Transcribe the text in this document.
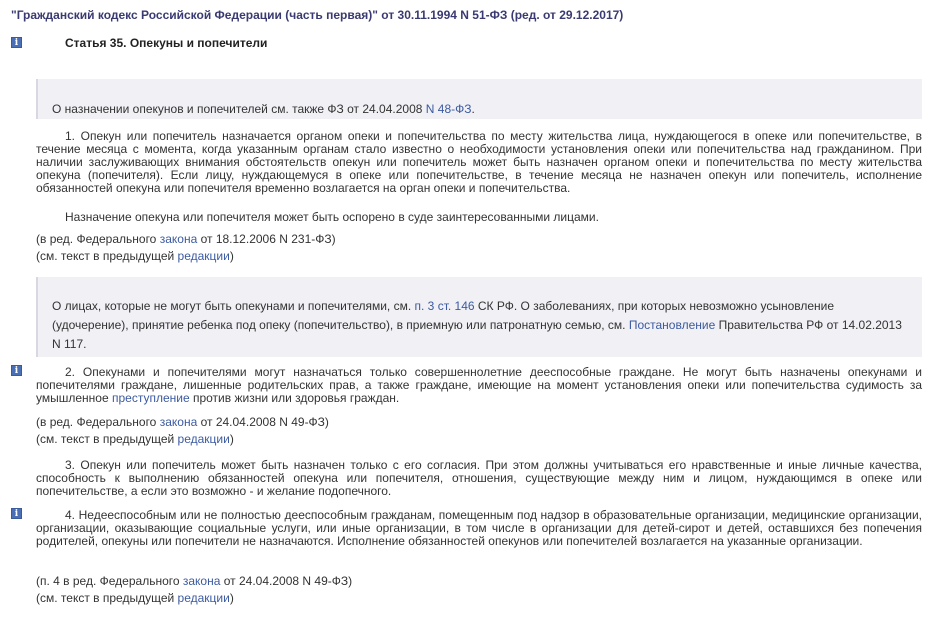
"Гражданский кодекс Российской Федерации (часть первая)" от 30.11.1994 N 51-ФЗ (ред. от 29.12.2017)
i	Статья 35. Опекуны и попечители
О назначении опекунов и попечителей см. также ФЗ от 24.04.2008 N 48-ФЗ.
1. Опекун или попечитель назначается органом опеки и попечительства по месту жительства лица, нуждающегося в опеке или попечительстве, в течение месяца с момента, когда указанным органам стало известно о необходимости установления опеки или попечительства над гражданином. При наличии заслуживающих внимания обстоятельств опекун или попечитель может быть назначен органом опеки и попечительства по месту жительства опекуна (попечителя). Если лицу, нуждающемуся в опеке или попечительстве, в течение месяца не назначен опекун или попечитель, исполнение обязанностей опекуна или попечителя временно возлагается на орган опеки и попечительства.
Назначение опекуна или попечителя может быть оспорено в суде заинтересованными лицами.
(в ред. Федерального закона от 18.12.2006 N 231-ФЗ)
(см. текст в предыдущей редакции)
О лицах, которые не могут быть опекунами и попечителями, см. п. 3 ст. 146 СК РФ. О заболеваниях, при которых невозможно усыновление (удочерение), принятие ребенка под опеку (попечительство), в приемную или патронатную семью, см. Постановление Правительства РФ от 14.02.2013 N 117.
i	2. Опекунами и попечителями могут назначаться только совершеннолетние дееспособные граждане. Не могут быть назначены опекунами и попечителями граждане, лишенные родительских прав, а также граждане, имеющие на момент установления опеки или попечительства судимость за умышленное преступление против жизни или здоровья граждан.
(в ред. Федерального закона от 24.04.2008 N 49-ФЗ)
(см. текст в предыдущей редакции)
3. Опекун или попечитель может быть назначен только с его согласия. При этом должны учитываться его нравственные и иные личные качества, способность к выполнению обязанностей опекуна или попечителя, отношения, существующие между ним и лицом, нуждающимся в опеке или попечительстве, а если это возможно - и желание подопечного.
i	4. Недееспособным или не полностью дееспособным гражданам, помещенным под надзор в образовательные организации, медицинские организации, организации, оказывающие социальные услуги, или иные организации, в том числе в организации для детей-сирот и детей, оставшихся без попечения родителей, опекуны или попечители не назначаются. Исполнение обязанностей опекунов или попечителей возлагается на указанные организации.
(п. 4 в ред. Федерального закона от 24.04.2008 N 49-ФЗ)
(см. текст в предыдущей редакции)
